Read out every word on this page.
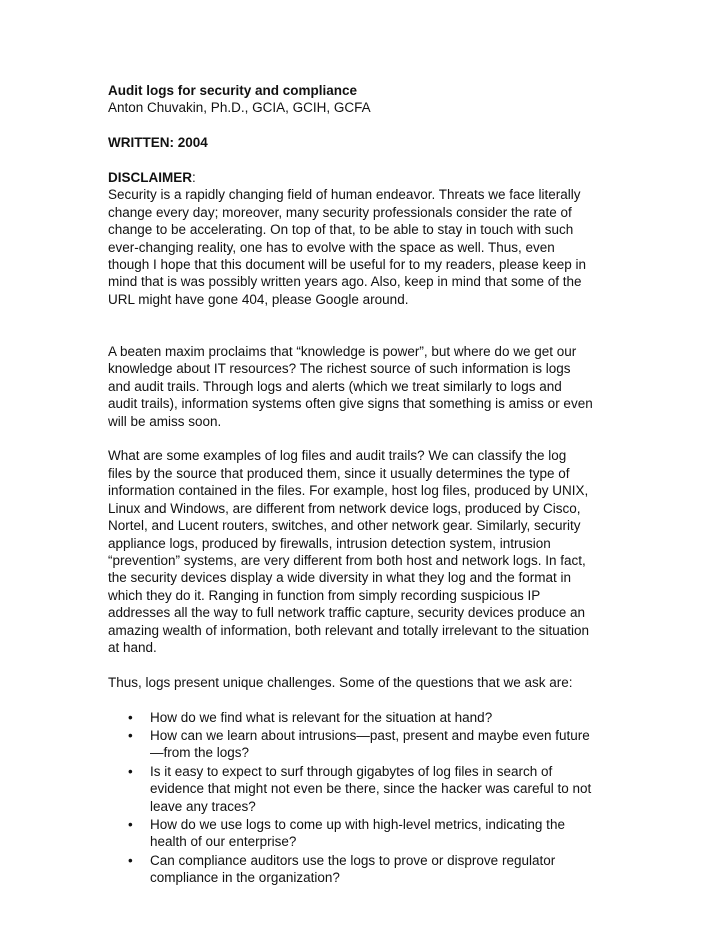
Audit logs for security and compliance
Anton Chuvakin, Ph.D., GCIA, GCIH, GCFA
WRITTEN: 2004
DISCLAIMER:
Security is a rapidly changing field of human endeavor. Threats we face literally
change every day; moreover, many security professionals consider the rate of
change to be accelerating. On top of that, to be able to stay in touch with such
ever-changing reality, one has to evolve with the space as well. Thus, even
though I hope that this document will be useful for to my readers, please keep in
mind that is was possibly written years ago. Also, keep in mind that some of the
URL might have gone 404, please Google around.
A beaten maxim proclaims that “knowledge is power”, but where do we get our
knowledge about IT resources? The richest source of such information is logs
and audit trails. Through logs and alerts (which we treat similarly to logs and
audit trails), information systems often give signs that something is amiss or even
will be amiss soon.
What are some examples of log files and audit trails? We can classify the log
files by the source that produced them, since it usually determines the type of
information contained in the files. For example, host log files, produced by UNIX,
Linux and Windows, are different from network device logs, produced by Cisco,
Nortel, and Lucent routers, switches, and other network gear. Similarly, security
appliance logs, produced by firewalls, intrusion detection system, intrusion
“prevention” systems, are very different from both host and network logs. In fact,
the security devices display a wide diversity in what they log and the format in
which they do it. Ranging in function from simply recording suspicious IP
addresses all the way to full network traffic capture, security devices produce an
amazing wealth of information, both relevant and totally irrelevant to the situation
at hand.
Thus, logs present unique challenges. Some of the questions that we ask are:
• How do we find what is relevant for the situation at hand?
• How can we learn about intrusions—past, present and maybe even future
—from the logs?
• Is it easy to expect to surf through gigabytes of log files in search of
evidence that might not even be there, since the hacker was careful to not
leave any traces?
• How do we use logs to come up with high-level metrics, indicating the
health of our enterprise?
• Can compliance auditors use the logs to prove or disprove regulator
compliance in the organization?
